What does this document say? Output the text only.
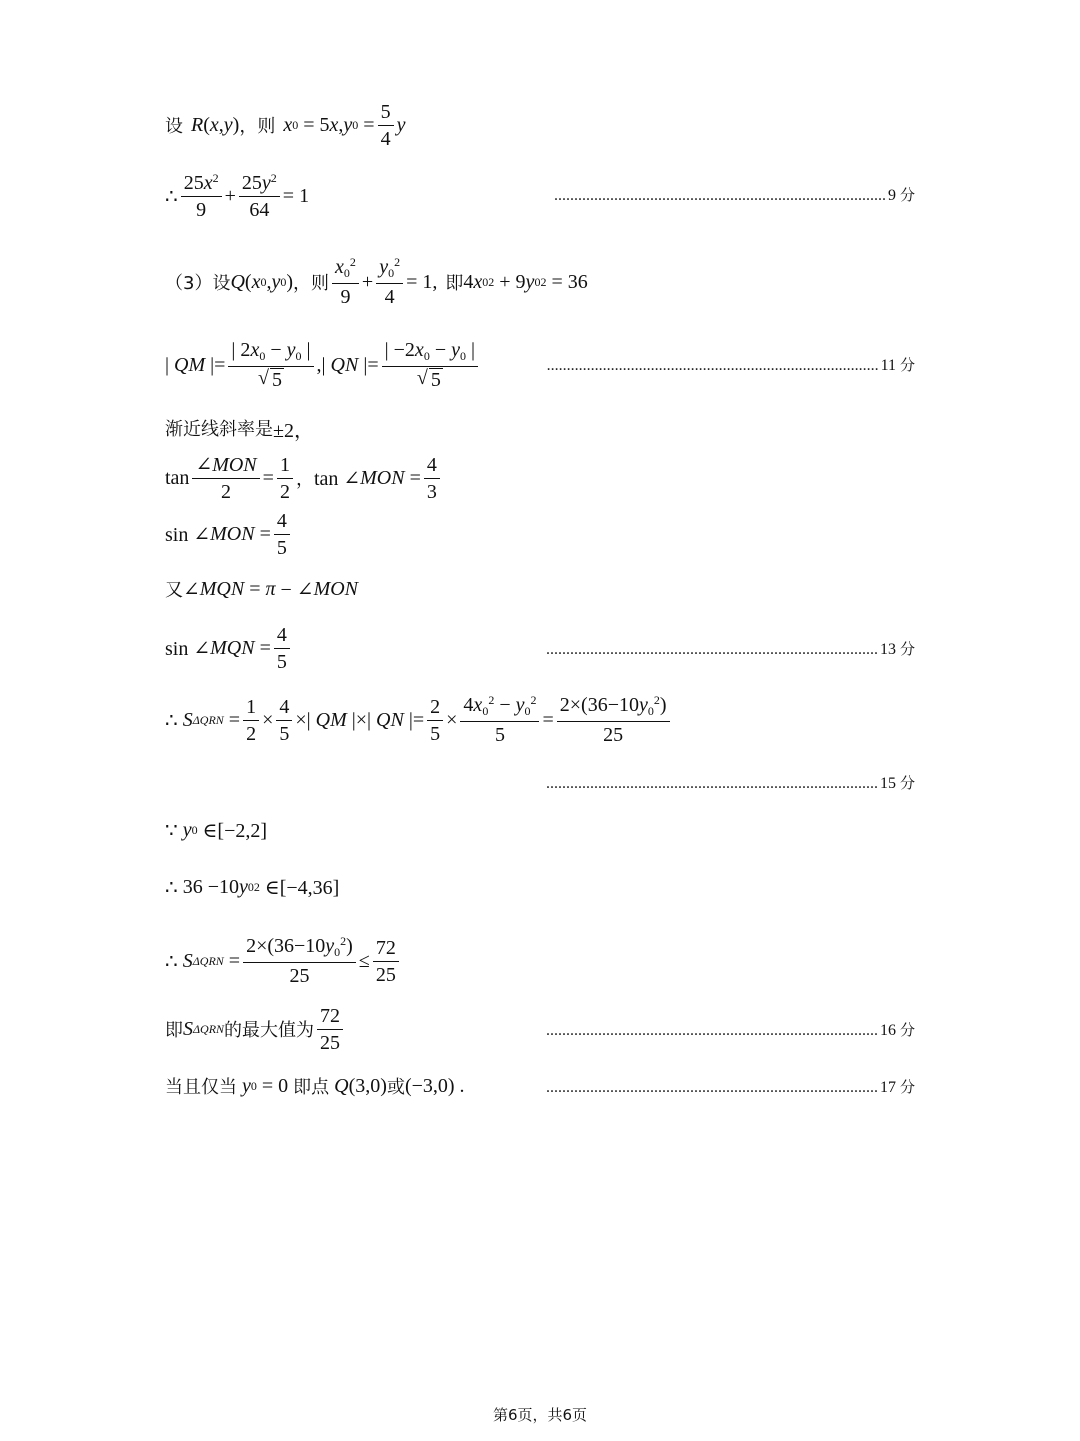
设 R ( x , y ) ， 则 x 0 = 5 x , y $0 = \frac{5}{4}$ y
∴ $\frac{25x^2}{9} + \frac{25y^2}{64} = 1$	................................................................................... 9 分
（3）设 Q ( x 0 , y 0 ) ， 则 $\frac{x_0^2}{9} + \frac{y_0^2}{4} = 1$, 即 4 x 0 2 + 9 y 0 2 = 36
| QM |= | $2x_0 - y_0$ |
√ 5 ,| QN |= | $-2x_0 - y_0$ |
√ 5	................................................................................... 11 分
渐近线斜率是 ±2，
$\tan \frac{\text{∠MON}}{2} = \frac{1}{2}$ ， tan ∠ MON = $\frac{4}{3}$
sin ∠ MON = $\frac{4}{5}$
又 ∠ MQN = π − ∠ MON
sin ∠ MQN = $\frac{4}{5}$	................................................................................... 13 分
∴
S $\Delta QRN = \frac{1}{2} \times \frac{4}{5}$ ×| QM |×| QN |= $\frac{2}{5} \times \frac{4x_0^2 - y_0^2}{5} = \frac{2\times(36-10y_0^2)}{25}$
................................................................................... 15 分
∵
y 0 ∈[−2,2]
∴ 36 −10 y 0 2 ∈[−4,36]
∴
S $\Delta QRN = \frac{2\times(36-10y_0^2)}{25} \le \frac{72}{25}$
即 S ΔQRN 的最大值为 $\frac{72}{25}$	................................................................................... 16 分
当且仅当
y 0 = 0 即点
Q (3,0) 或 (−3,0) .	................................................................................... 17 分
第6页，共6页
